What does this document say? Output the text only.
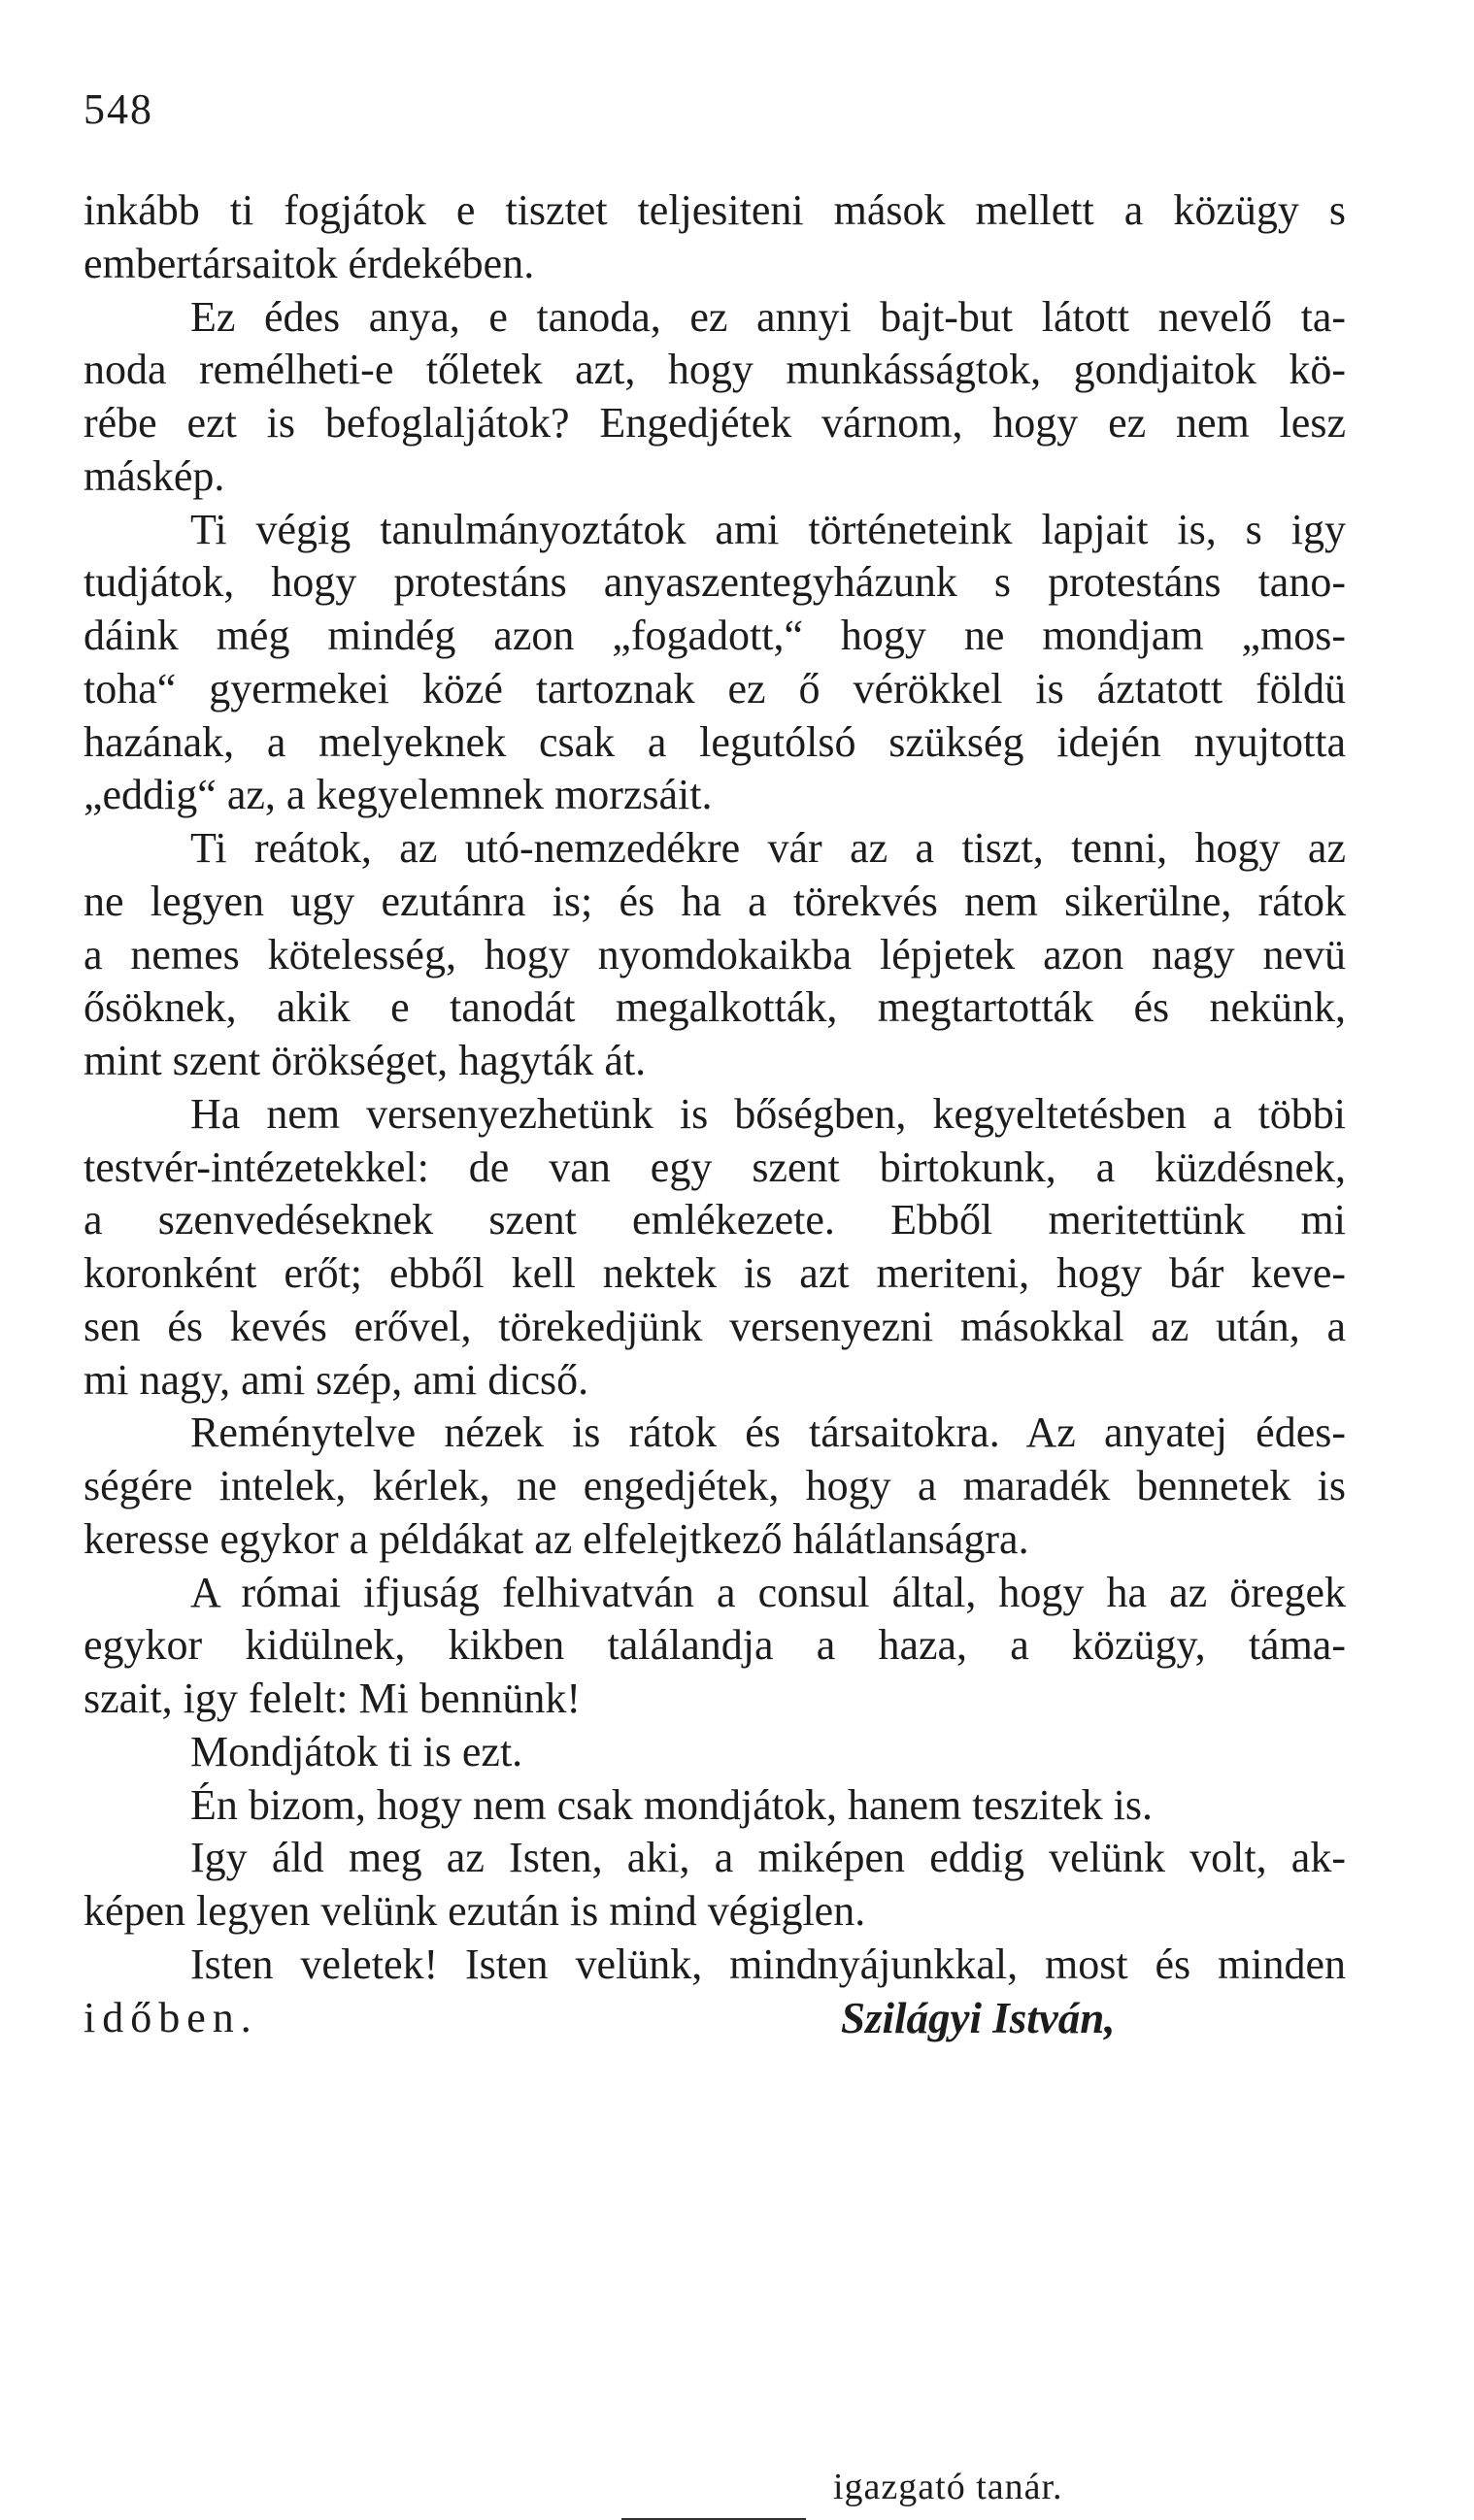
548
inkább ti fogjátok e tisztet teljesiteni mások mellett a közügy s
embertársaitok érdekében.
Ez édes anya, e tanoda, ez annyi bajt-but látott nevelő ta-
noda remélheti-e tőletek azt, hogy munkásságtok, gondjaitok kö-
rébe ezt is befoglaljátok? Engedjétek várnom, hogy ez nem lesz
máskép.
Ti végig tanulmányoztátok ami történeteink lapjait is, s igy
tudjátok, hogy protestáns anyaszentegyházunk s protestáns tano-
dáink még mindég azon „fogadott,“ hogy ne mondjam „mos-
toha“ gyermekei közé tartoznak ez ő vérökkel is áztatott földü
hazának, a melyeknek csak a legutólsó szükség idején nyujtotta
„eddig“ az, a kegyelemnek morzsáit.
Ti reátok, az utó-nemzedékre vár az a tiszt, tenni, hogy az
ne legyen ugy ezutánra is; és ha a törekvés nem sikerülne, rátok
a nemes kötelesség, hogy nyomdokaikba lépjetek azon nagy nevü
ősöknek, akik e tanodát megalkották, megtartották és nekünk,
mint szent örökséget, hagyták át.
Ha nem versenyezhetünk is bőségben, kegyeltetésben a többi
testvér-intézetekkel: de van egy szent birtokunk, a küzdésnek,
a szenvedéseknek szent emlékezete. Ebből meritettünk mi
koronként erőt; ebből kell nektek is azt meriteni, hogy bár keve-
sen és kevés erővel, törekedjünk versenyezni másokkal az után, a
mi nagy, ami szép, ami dicső.
Reménytelve nézek is rátok és társaitokra. Az anyatej édes-
ségére intelek, kérlek, ne engedjétek, hogy a maradék bennetek is
keresse egykor a példákat az elfelejtkező hálátlanságra.
A római ifjuság felhivatván a consul által, hogy ha az öregek
egykor kidülnek, kikben találandja a haza, a közügy, táma-
szait, igy felelt: Mi bennünk!
Mondjátok ti is ezt.
Én bizom, hogy nem csak mondjátok, hanem teszitek is.
Igy áld meg az Isten, aki, a miképen eddig velünk volt, ak-
képen legyen velünk ezután is mind végiglen.
Isten veletek! Isten velünk, mindnyájunkkal, most és minden
időben.	Szilágyi István,
igazgató tanár.
